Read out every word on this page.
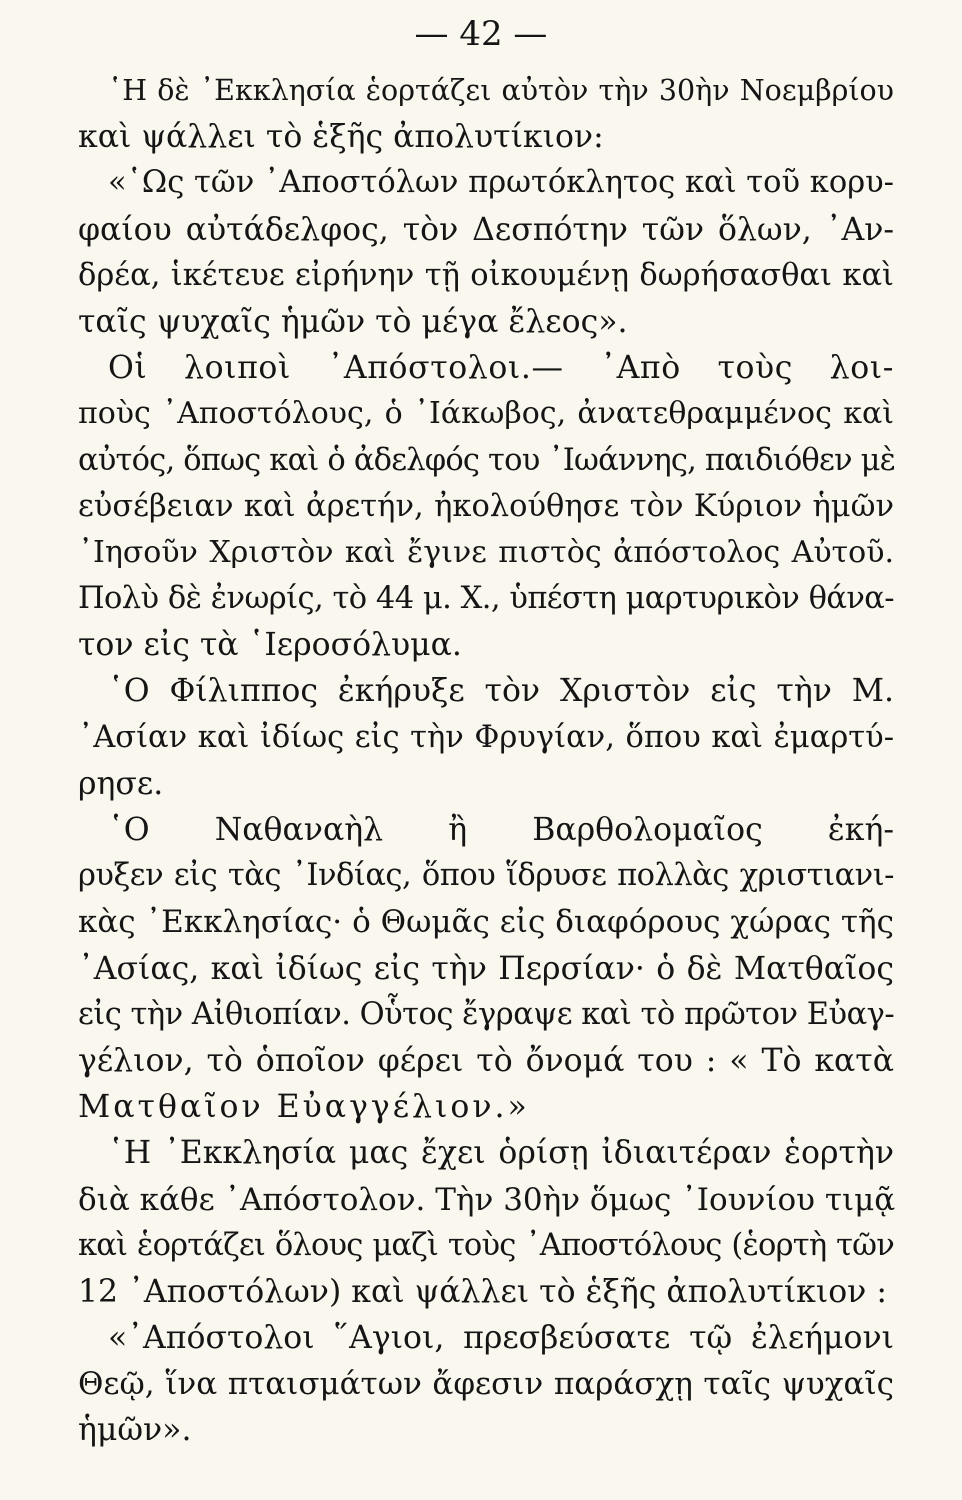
— 42 —
῾Η δὲ ᾿Εκκλησία ἑορτάζει αὐτὸν τὴν 30ὴν Νοεμβρίου
καὶ ψάλλει τὸ ἑξῆς ἀπολυτίκιον:
«῾Ως τῶν ᾿Αποστόλων πρωτόκλητος καὶ τοῦ κορυ-
φαίου αὐτάδελφος, τὸν Δεσπότην τῶν ὅλων, ᾿Αν-
δρέα, ἱκέτευε εἰρήνην τῇ οἰκουμένῃ δωρήσασθαι καὶ
ταῖς ψυχαῖς ἡμῶν τὸ μέγα ἔλεος».
Οἱ λοιποὶ ᾿Απόστολοι.— ᾿Απὸ τοὺς λοι-
ποὺς ᾿Αποστόλους, ὁ ᾿Ιάκωβος, ἀνατεθραμμένος καὶ
αὐτός, ὅπως καὶ ὁ ἀδελφός του ᾿Ιωάννης, παιδιόθεν μὲ
εὐσέβειαν καὶ ἀρετήν, ἠκολούθησε τὸν Κύριον ἡμῶν
᾿Ιησοῦν Χριστὸν καὶ ἔγινε πιστὸς ἀπόστολος Αὐτοῦ.
Πολὺ δὲ ἐνωρίς, τὸ 44 μ. Χ., ὑπέστη μαρτυρικὸν θάνα-
τον εἰς τὰ ῾Ιεροσόλυμα.
῾Ο Φίλιππος ἐκήρυξε τὸν Χριστὸν εἰς τὴν Μ.
᾿Ασίαν καὶ ἰδίως εἰς τὴν Φρυγίαν, ὅπου καὶ ἐμαρτύ-
ρησε.
῾Ο Ναθαναὴλ ἢ Βαρθολομαῖος ἐκή-
ρυξεν εἰς τὰς ᾿Ινδίας, ὅπου ἵδρυσε πολλὰς χριστιανι-
κὰς ᾿Εκκλησίας· ὁ Θωμᾶς εἰς διαφόρους χώρας τῆς
᾿Ασίας, καὶ ἰδίως εἰς τὴν Περσίαν· ὁ δὲ Ματθαῖος
εἰς τὴν Αἰθιοπίαν. Οὗτος ἔγραψε καὶ τὸ πρῶτον Εὐαγ-
γέλιον, τὸ ὁποῖον φέρει τὸ ὄνομά του : « Τὸ κατὰ
Ματθαῖον Εὐαγγέλιον.»
῾Η ᾿Εκκλησία μας ἔχει ὁρίσῃ ἰδιαιτέραν ἑορτὴν
διὰ κάθε ᾿Απόστολον. Τὴν 30ὴν ὅμως ᾿Ιουνίου τιμᾷ
καὶ ἑορτάζει ὅλους μαζὶ τοὺς ᾿Αποστόλους (ἑορτὴ τῶν
12 ᾿Αποστόλων) καὶ ψάλλει τὸ ἑξῆς ἀπολυτίκιον :
«᾿Απόστολοι ῞Αγιοι, πρεσβεύσατε τῷ ἐλεήμονι
Θεῷ, ἵνα πταισμάτων ἄφεσιν παράσχῃ ταῖς ψυχαῖς
ἡμῶν».
